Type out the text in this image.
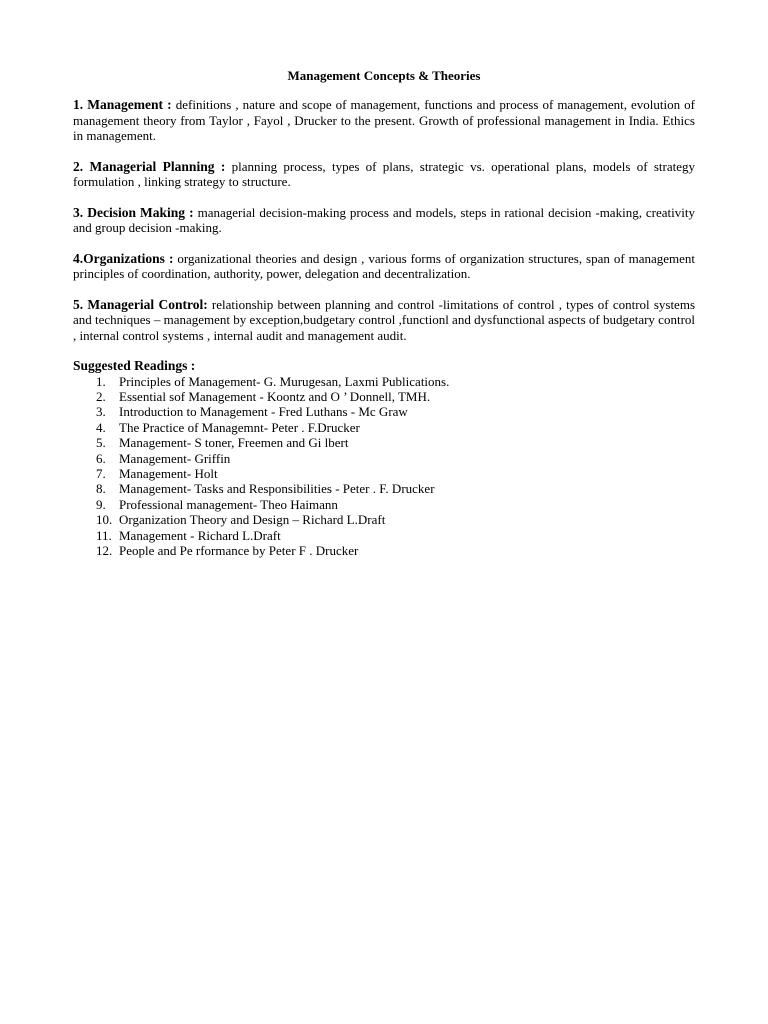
Management Concepts & Theories

1. Management : definitions , nature and scope of management, functions and process of management, evolution of management theory from Taylor , Fayol , Drucker to the present. Growth of professional management in India. Ethics in management.

2. Managerial Planning : planning process, types of plans, strategic vs. operational plans, models of strategy formulation , linking strategy to structure.

3. Decision Making : managerial decision-making process and models, steps in rational decision -making, creativity and group decision -making.

4.Organizations : organizational theories and design , various forms of organization structures, span of management principles of coordination, authority, power, delegation and decentralization.

5. Managerial Control: relationship between planning and control -limitations of control , types of control systems and techniques – management by exception,budgetary control ,functionl and dysfunctional aspects of budgetary control , internal control systems , internal audit and management audit.

Suggested Readings :
1. Principles of Management- G. Murugesan, Laxmi Publications.
2. Essential sof Management - Koontz and O ’ Donnell, TMH.
3. Introduction to Management - Fred Luthans - Mc Graw
4. The Practice of Managemnt- Peter . F.Drucker
5. Management- S toner, Freemen and Gi lbert
6. Management- Griffin
7. Management- Holt
8. Management- Tasks and Responsibilities - Peter . F. Drucker
9. Professional management- Theo Haimann
10. Organization Theory and Design – Richard L.Draft
11. Management - Richard L.Draft
12. People and Pe rformance by Peter F . Drucker
